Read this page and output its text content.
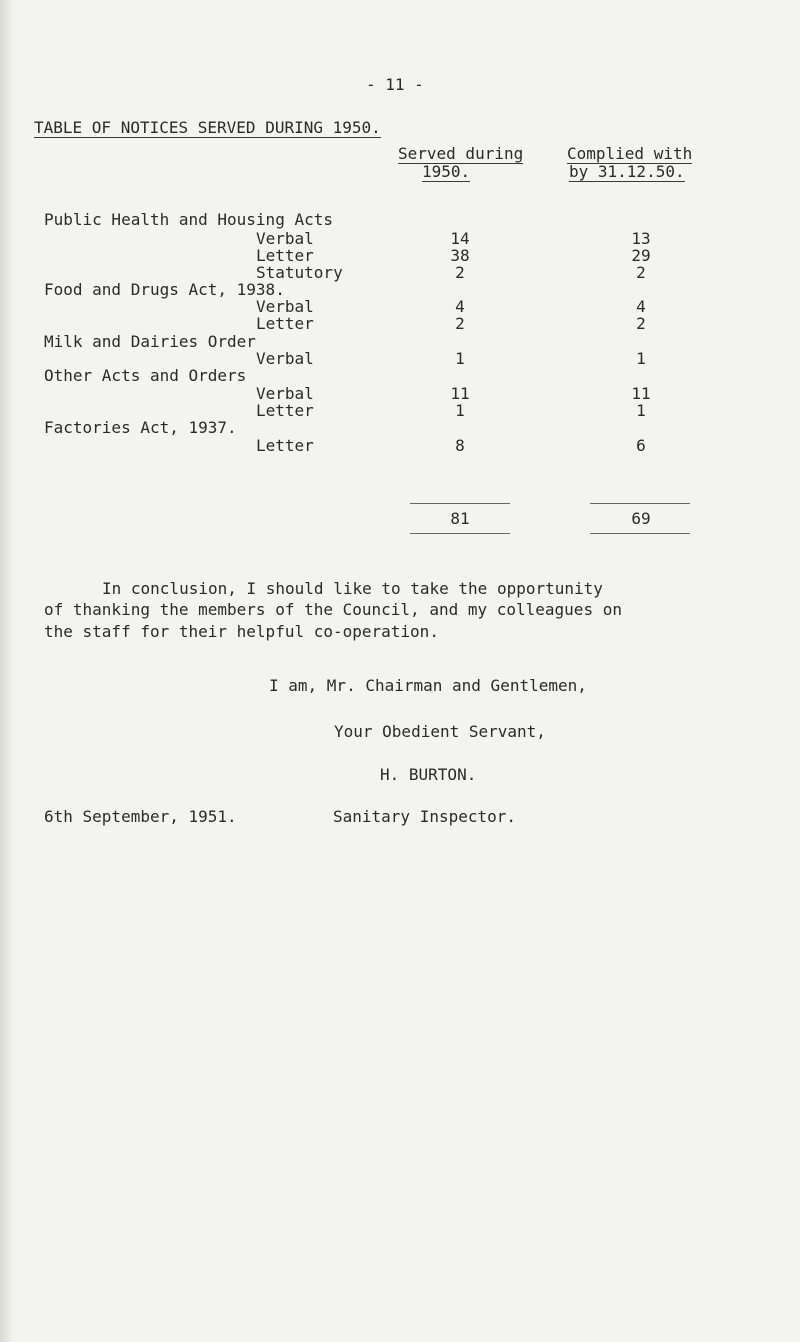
- 11 -
TABLE OF NOTICES SERVED DURING 1950.
Served during
1950.
Complied with
by 31.12.50.
Public Health and Housing Acts
Verbal	14	13
Letter	38	29
Statutory	2	2
Food and Drugs Act, 1938.
Verbal	4	4
Letter	2	2
Milk and Dairies Order
Verbal	1	1
Other Acts and Orders
Verbal	11	11
Letter	1	1
Factories Act, 1937.
Letter	8	6
81	69
In conclusion, I should like to take the opportunity
of thanking the members of the Council, and my colleagues on
the staff for their helpful co-operation.
I am, Mr. Chairman and Gentlemen,
Your Obedient Servant,
H. BURTON.
6th September, 1951.	Sanitary Inspector.
